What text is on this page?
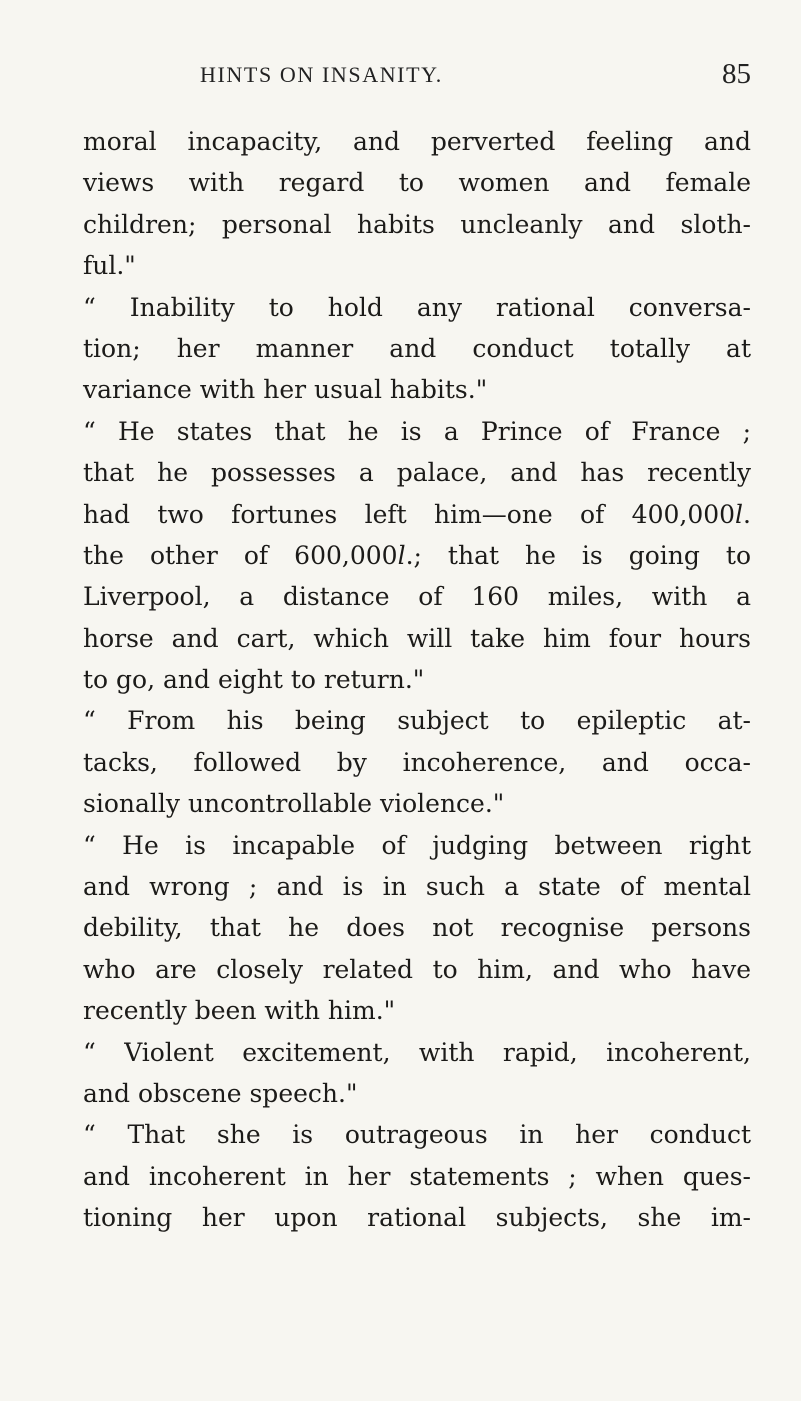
HINTS ON INSANITY.	85
moral incapacity, and perverted feeling and
views with regard to women and female
children; personal habits uncleanly and sloth-
ful."
“ Inability to hold any rational conversa-
tion; her manner and conduct totally at
variance with her usual habits."
“ He states that he is a Prince of France ;
that he possesses a palace, and has recently
had two fortunes left him—one of 400,000l.
the other of 600,000l.; that he is going to
Liverpool, a distance of 160 miles, with a
horse and cart, which will take him four hours
to go, and eight to return."
“ From his being subject to epileptic at-
tacks, followed by incoherence, and occa-
sionally uncontrollable violence."
“ He is incapable of judging between right
and wrong ; and is in such a state of mental
debility, that he does not recognise persons
who are closely related to him, and who have
recently been with him."
“ Violent excitement, with rapid, incoherent,
and obscene speech."
“ That she is outrageous in her conduct
and incoherent in her statements ; when ques-
tioning her upon rational subjects, she im-
